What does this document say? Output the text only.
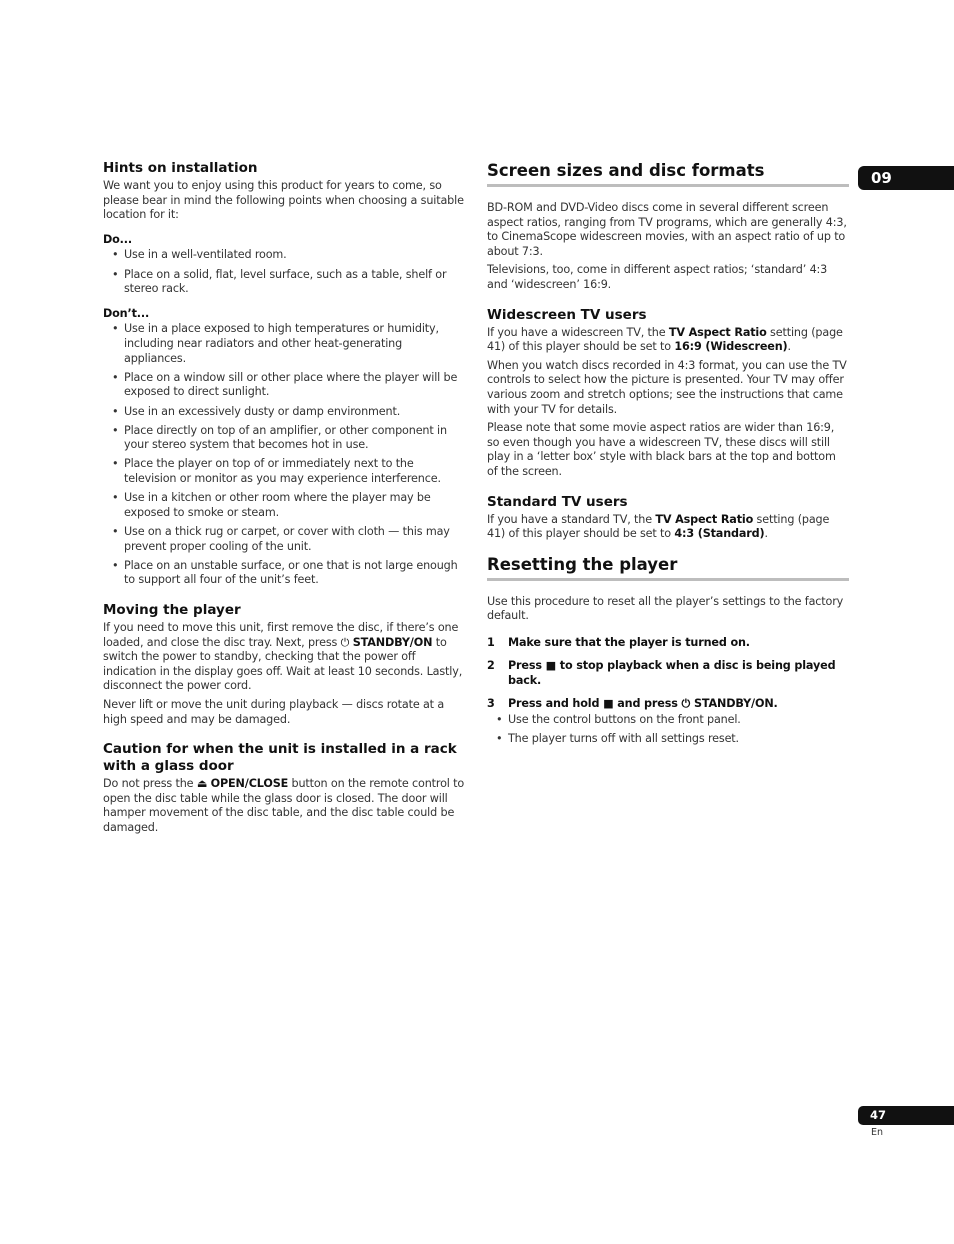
09
Hints on installation

We want you to enjoy using this product for years to come, so please bear in mind the following points when choosing a suitable location for it:

Do...
• Use in a well-ventilated room.
• Place on a solid, flat, level surface, such as a table, shelf or stereo rack.
Don’t...
• Use in a place exposed to high temperatures or humidity, including near radiators and other heat-generating appliances.
• Place on a window sill or other place where the player will be exposed to direct sunlight.
• Use in an excessively dusty or damp environment.
• Place directly on top of an amplifier, or other component in your stereo system that becomes hot in use.
• Place the player on top of or immediately next to the television or monitor as you may experience interference.
• Use in a kitchen or other room where the player may be exposed to smoke or steam.
• Use on a thick rug or carpet, or cover with cloth — this may prevent proper cooling of the unit.
• Place on an unstable surface, or one that is not large enough to support all four of the unit’s feet.
Moving the player

If you need to move this unit, first remove the disc, if there’s one loaded, and close the disc tray. Next, press ⏻ STANDBY/ON to switch the power to standby, checking that the power off indication in the display goes off. Wait at least 10 seconds. Lastly, disconnect the power cord.

Never lift or move the unit during playback — discs rotate at a high speed and may be damaged.

Caution for when the unit is installed in a rack with a glass door

Do not press the ⏏ OPEN/CLOSE button on the remote control to open the disc table while the glass door is closed. The door will hamper movement of the disc table, and the disc table could be damaged.

Screen sizes and disc formats

BD-ROM and DVD-Video discs come in several different screen aspect ratios, ranging from TV programs, which are generally 4:3, to CinemaScope widescreen movies, with an aspect ratio of up to about 7:3.

Televisions, too, come in different aspect ratios; ‘standard’ 4:3 and ‘widescreen’ 16:9.

Widescreen TV users

If you have a widescreen TV, the TV Aspect Ratio setting (page 41) of this player should be set to 16:9 (Widescreen).

When you watch discs recorded in 4:3 format, you can use the TV controls to select how the picture is presented. Your TV may offer various zoom and stretch options; see the instructions that came with your TV for details.

Please note that some movie aspect ratios are wider than 16:9, so even though you have a widescreen TV, these discs will still play in a ‘letter box’ style with black bars at the top and bottom of the screen.

Standard TV users

If you have a standard TV, the TV Aspect Ratio setting (page 41) of this player should be set to 4:3 (Standard).

Resetting the player

Use this procedure to reset all the player’s settings to the factory default.

1 Make sure that the player is turned on.
2 Press ■ to stop playback when a disc is being played back.
3 Press and hold ■ and press ⏻ STANDBY/ON.
• Use the control buttons on the front panel.
• The player turns off with all settings reset.
47
En
